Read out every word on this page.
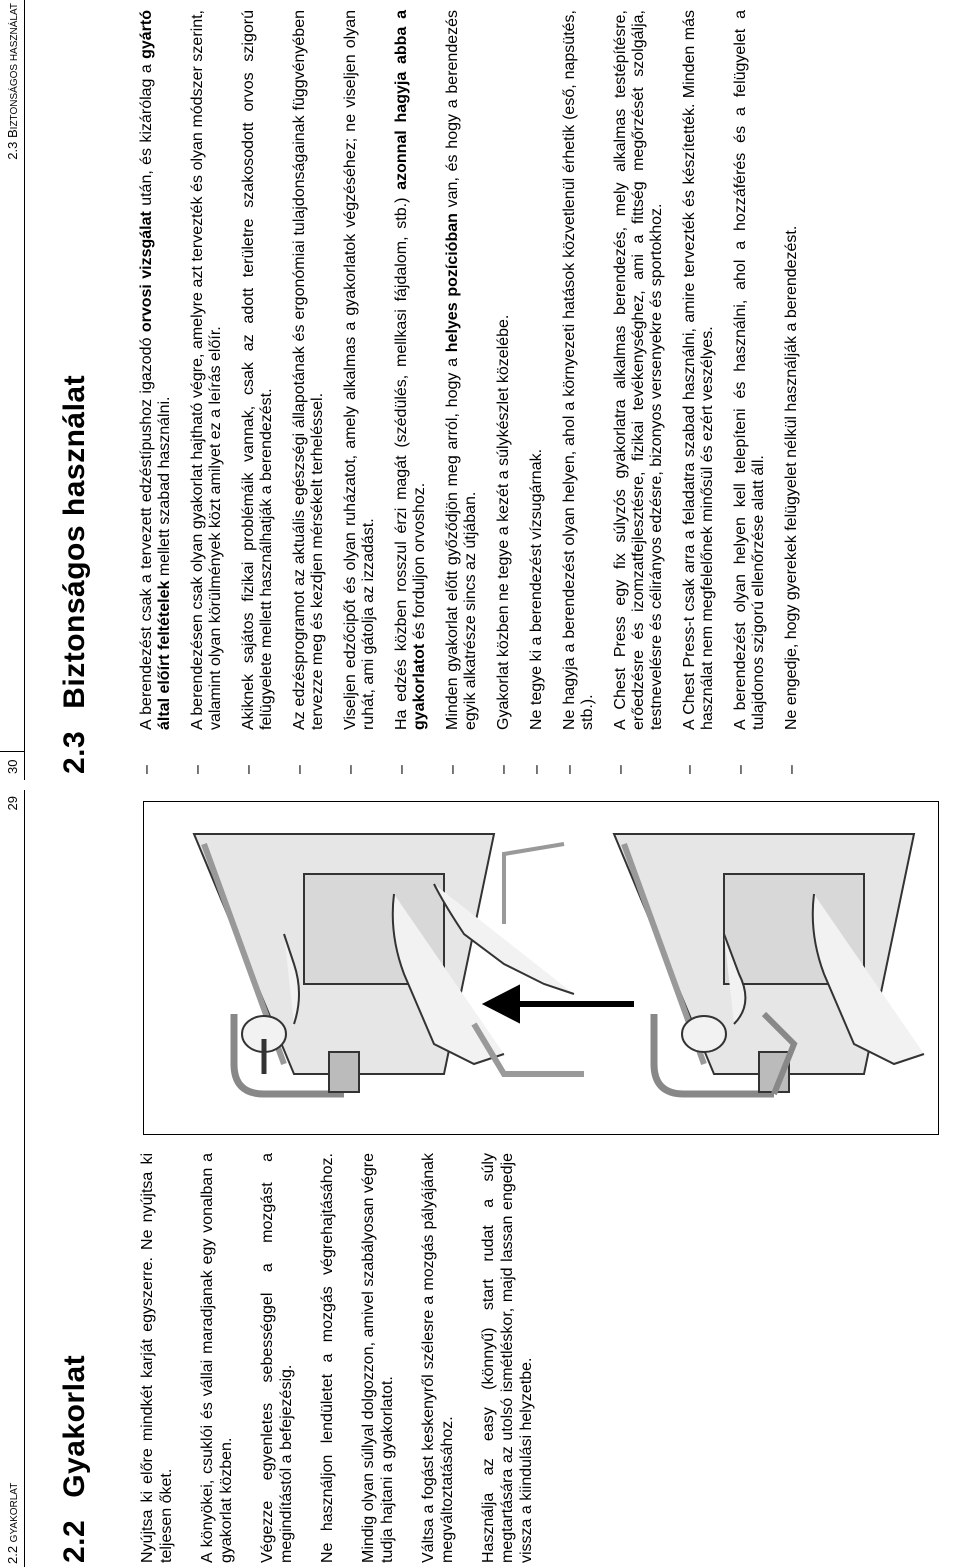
2.2 GYAKORLAT
29
2.2Gyakorlat	Nyújtsa ki előre mindkét karját egyszerre. Ne nyújtsa ki teljesen őket. A könyökei, csuklói és vállai maradjanak egy vonalban a gyakorlat közben. Végezze egyenletes sebességgel a mozgást a megindítástól a befejezésig. Ne használjon lendületet a mozgás végrehajtásához. Mindig olyan súllyal dolgozzon, amivel szabályosan végre tudja hajtani a gyakorlatot. Váltsa a fogást keskenyről szélesre a mozgás pályájának megváltoztatásához. Használja az easy (könnyű) start rudat a súly megtartására az utolsó ismétléskor, majd lassan engedje vissza a kiindulási helyzetbe.

30
2.3 BIZTONSÁGOS HASZNÁLAT
2.3Biztonságos használat	– A berendezést csak a tervezett edzéstípushoz igazodó orvosi vizsgálat után, és kizárólag a gyártó által előírt feltételek mellett szabad használni. – A berendezésen csak olyan gyakorlat hajtható végre, amelyre azt tervezték és olyan módszer szerint, valamint olyan körülmények közt amilyet ez a leírás előír. – Akiknek sajátos fizikai problémáik vannak, csak az adott területre szakosodott orvos szigorú felügyelete mellett használhatják a berendezést. – Az edzésprogramot az aktuális egészségi állapotának és ergonómiai tulajdonságainak függvényében tervezze meg és kezdjen mérsékelt terheléssel. – Viseljen edzőcipőt és olyan ruházatot, amely alkalmas a gyakorlatok végzéséhez; ne viseljen olyan ruhát, ami gátolja az izzadást. – Ha edzés közben rosszul érzi magát (szédülés, mellkasi fájdalom, stb.) azonnal hagyja abba a gyakorlatot és forduljon orvoshoz. – Minden gyakorlat előtt győződjön meg arról, hogy a helyes pozícióban van, és hogy a berendezés egyik alkatrésze sincs az útjában. – Gyakorlat közben ne tegye a kezét a súlykészlet közelébe. – Ne tegye ki a berendezést vízsugárnak. – Ne hagyja a berendezést olyan helyen, ahol a környezeti hatások közvetlenül érhetik (eső, napsütés, stb.). – A Chest Press egy fix súlyzós gyakorlatra alkalmas berendezés, mely alkalmas testépítésre, erőedzésre és izomzatfejlesztésre, fizikai tevékenységhez, ami a fittség megőrzését szolgálja, testnevelésre és célirányos edzésre, bizonyos versenyekre és sportokhoz. – A Chest Press-t csak arra a feladatra szabad használni, amire tervezték és készítették. Minden más használat nem megfelelőnek minősül és ezért veszélyes. – A berendezést olyan helyen kell telepíteni és használni, ahol a hozzáférés és a felügyelet a tulajdonos szigorú ellenőrzése alatt áll. – Ne engedje, hogy gyerekek felügyelet nélkül használják a berendezést.
